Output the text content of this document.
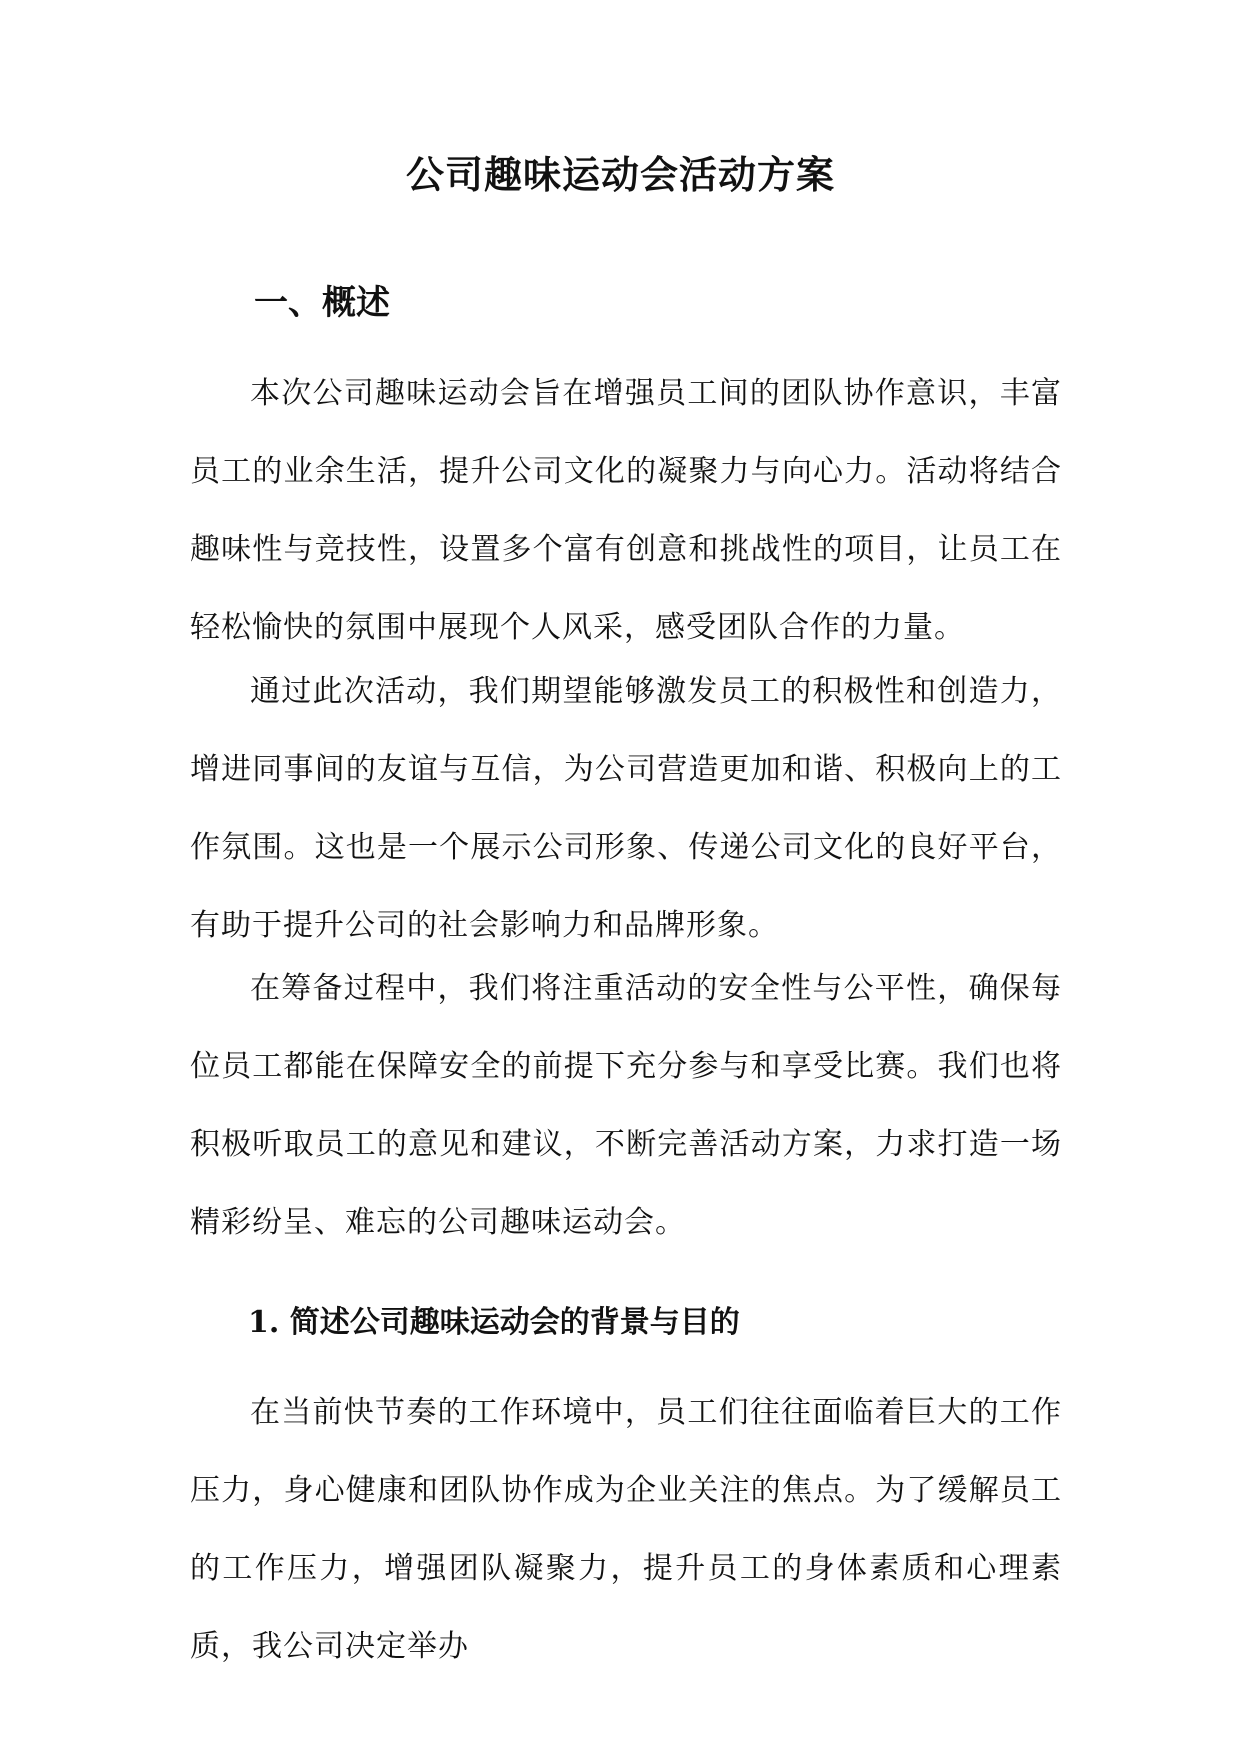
公司趣味运动会活动方案
一、概述

本次公司趣味运动会旨在增强员工间的团队协作意识，丰富员工的业余生活，提升公司文化的凝聚力与向心力。活动将结合趣味性与竞技性，设置多个富有创意和挑战性的项目，让员工在轻松愉快的氛围中展现个人风采，感受团队合作的力量。

通过此次活动，我们期望能够激发员工的积极性和创造力，增进同事间的友谊与互信，为公司营造更加和谐、积极向上的工作氛围。这也是一个展示公司形象、传递公司文化的良好平台，有助于提升公司的社会影响力和品牌形象。

在筹备过程中，我们将注重活动的安全性与公平性，确保每位员工都能在保障安全的前提下充分参与和享受比赛。我们也将积极听取员工的意见和建议，不断完善活动方案，力求打造一场精彩纷呈、难忘的公司趣味运动会。

1. 简述公司趣味运动会的背景与目的

在当前快节奏的工作环境中，员工们往往面临着巨大的工作压力，身心健康和团队协作成为企业关注的焦点。为了缓解员工的工作压力，增强团队凝聚力，提升员工的身体素质和心理素质，我公司决定举办
